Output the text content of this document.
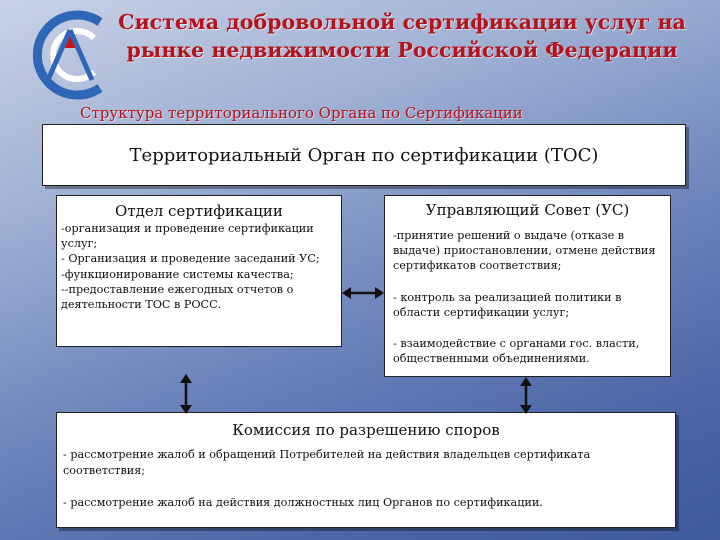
Система добровольной сертификации услуг на
рынке недвижимости Российской Федерации
Структура территориального Органа по Сертификации
Территориальный Орган по сертификации (ТОС)
Отдел сертификации
-организация и проведение сертификации услуг;
- Организация и проведение заседаний УС;
-функционирование системы качества;
--предоставление ежегодных отчетов о деятельности ТОС в РОСС.
Управляющий Совет (УС)
-принятие решений о выдаче (отказе в выдаче) приостановлении, отмене действия сертификатов соответствия;
- контроль за реализацией политики в области сертификации услуг;
- взаимодействие с органами гос. власти, общественными объединениями.
Комиссия по разрешению споров
- рассмотрение жалоб и обращений Потребителей на действия владельцев сертификата соответствия;
- рассмотрение жалоб на действия должностных лиц Органов по сертификации.
